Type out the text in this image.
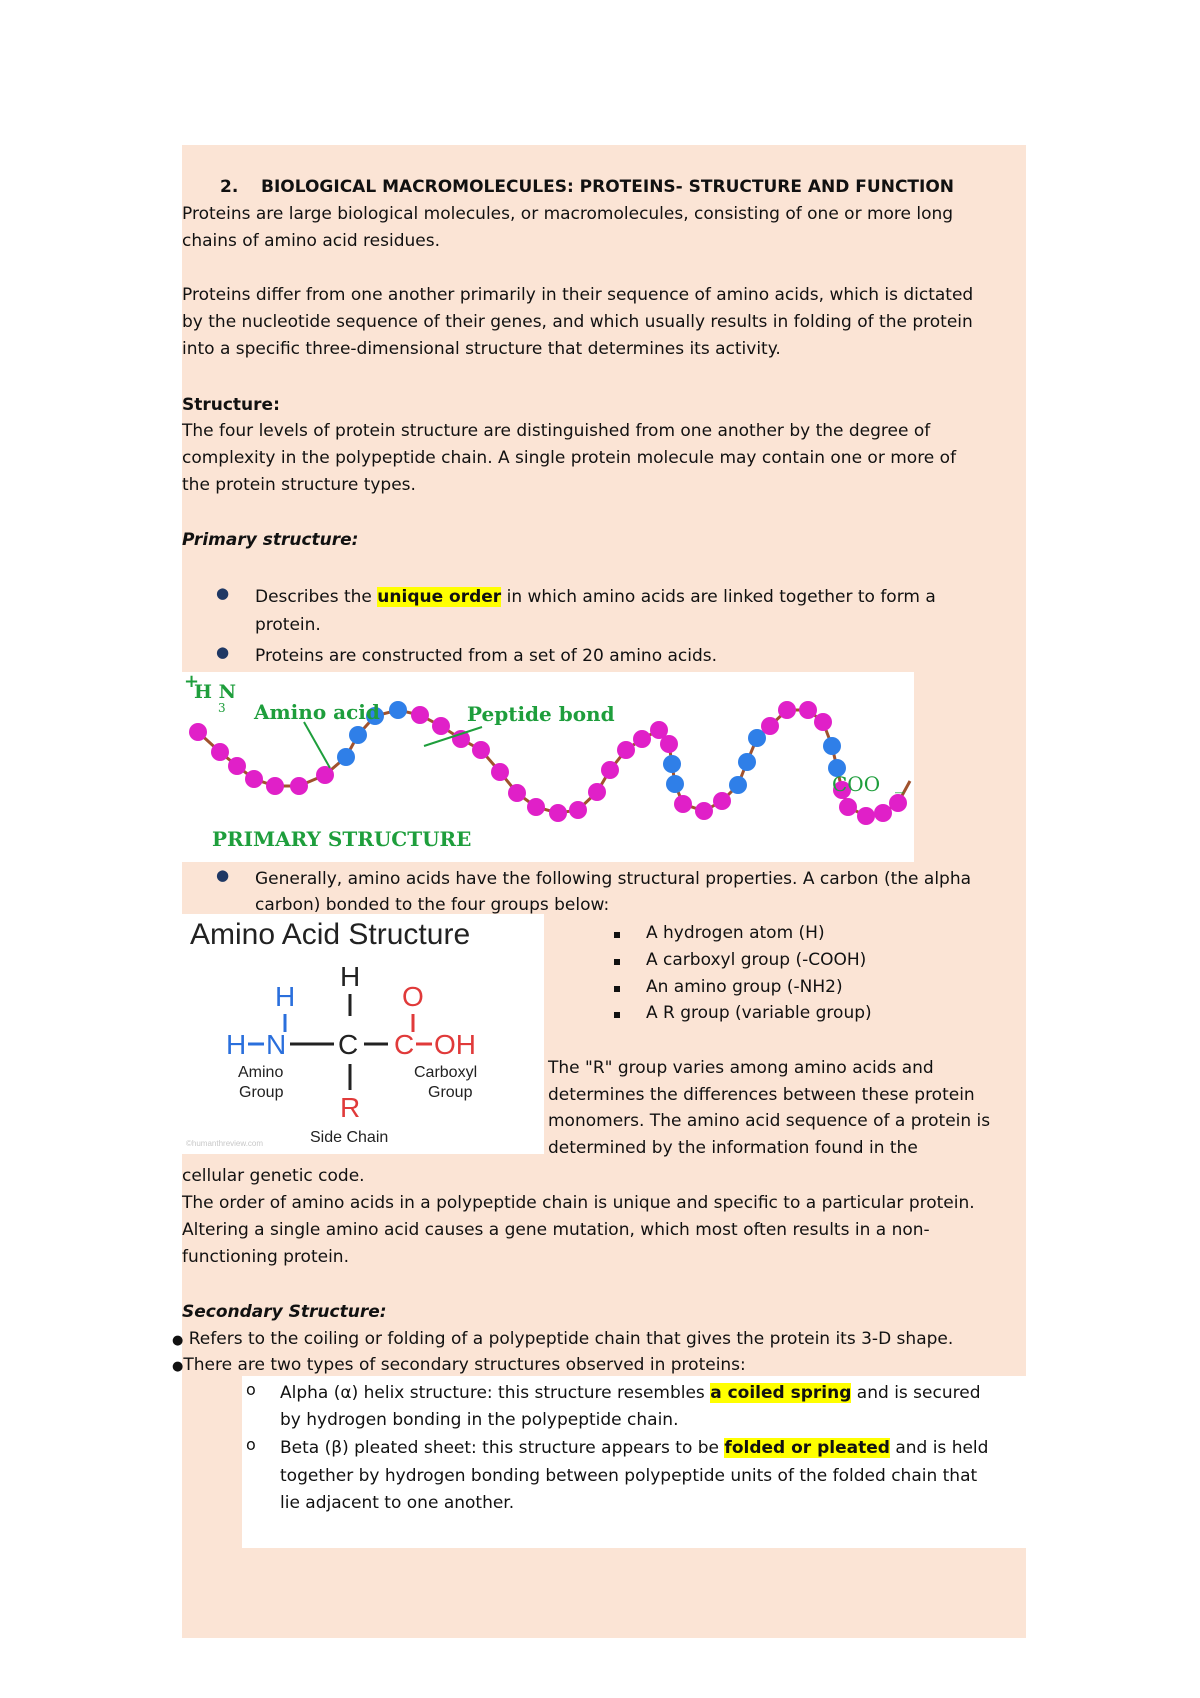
2. BIOLOGICAL MACROMOLECULES: PROTEINS- STRUCTURE AND FUNCTION
Proteins are large biological molecules, or macromolecules, consisting of one or more long
chains of amino acid residues.
Proteins differ from one another primarily in their sequence of amino acids, which is dictated
by the nucleotide sequence of their genes, and which usually results in folding of the protein
into a specific three-dimensional structure that determines its activity.
Structure:
The four levels of protein structure are distinguished from one another by the degree of
complexity in the polypeptide chain. A single protein molecule may contain one or more of
the protein structure types.
Primary structure:
● Describes the unique order in which amino acids are linked together to form a
protein.
● Proteins are constructed from a set of 20 amino acids.
+
H N
3 Amino acid	Peptide bond
COO _
PRIMARY STRUCTURE
● Generally, amino acids have the following structural properties. A carbon (the alpha
carbon) bonded to the four groups below:
Amino Acid Structure
H
H
H N C C
O
OH
R
Amino
Group
Carboxyl
Group
Side Chain
©humanthreview.com
A hydrogen atom (H)
A carboxyl group (-COOH)
An amino group (-NH2)
A R group (variable group)
The "R" group varies among amino acids and
determines the differences between these protein
monomers. The amino acid sequence of a protein is
determined by the information found in the
cellular genetic code.
The order of amino acids in a polypeptide chain is unique and specific to a particular protein.
Altering a single amino acid causes a gene mutation, which most often results in a non-
functioning protein.
Secondary Structure:
● Refers to the coiling or folding of a polypeptide chain that gives the protein its 3-D shape.
●There are two types of secondary structures observed in proteins:
o Alpha (α) helix structure: this structure resembles a coiled spring and is secured
by hydrogen bonding in the polypeptide chain.
o Beta (β) pleated sheet: this structure appears to be folded or pleated and is held
together by hydrogen bonding between polypeptide units of the folded chain that
lie adjacent to one another.
